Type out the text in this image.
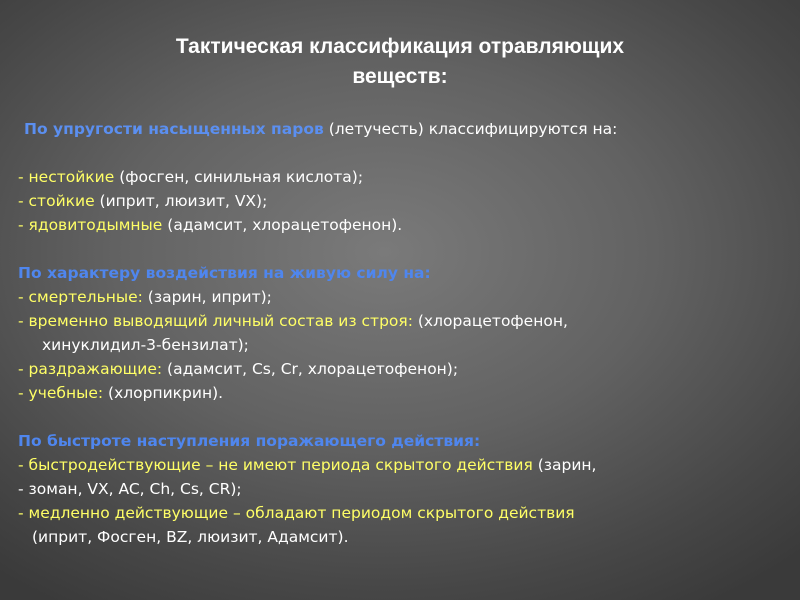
Тактическая классификация отравляющих
веществ:
По упругости насыщенных паров (летучесть) классифицируются на:
- нестойкие (фосген, синильная кислота);
- стойкие (иприт, люизит, VX);
- ядовитодымные (адамсит, хлорацетофенон).
По характеру воздействия на живую силу на:
- смертельные: (зарин, иприт);
- временно выводящий личный состав из строя: (хлорацетофенон,
хинуклидил-3-бензилат);
- раздражающие: (адамсит, Cs, Cr, хлорацетофенон);
- учебные: (хлорпикрин).
По быстроте наступления поражающего действия:
- быстродействующие – не имеют периода скрытого действия (зарин,
- зоман, VX, AC, Ch, Cs, CR);
- медленно действующие – обладают периодом скрытого действия
(иприт, Фосген, BZ, люизит, Адамсит).
